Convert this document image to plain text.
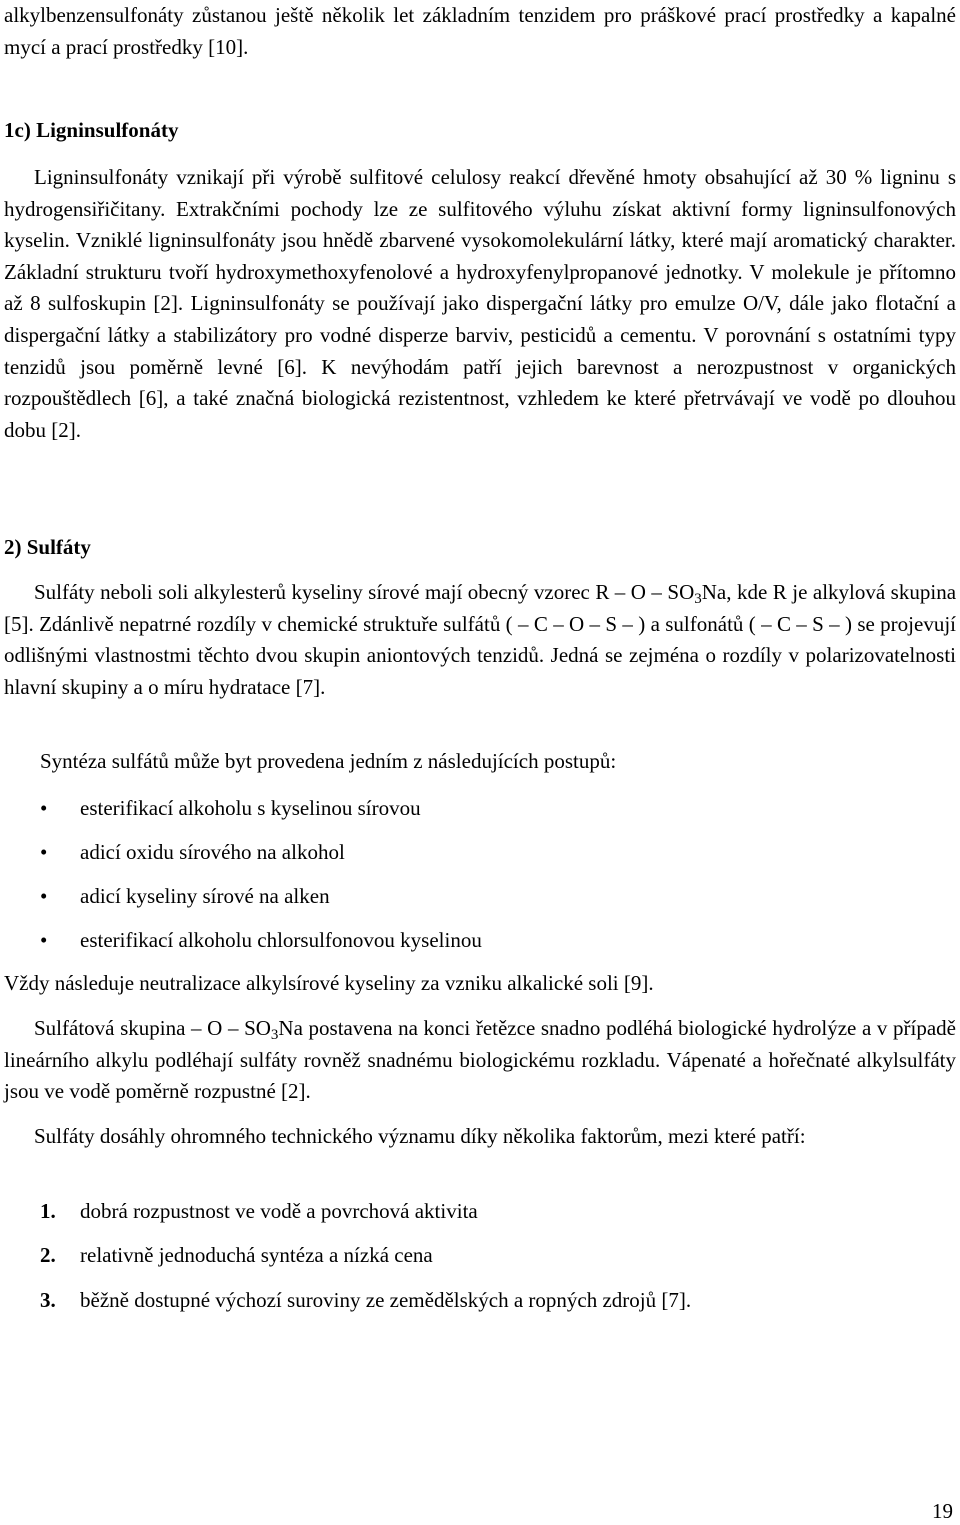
alkylbenzensulfonáty zůstanou ještě několik let základním tenzidem pro práškové prací prostředky a kapalné mycí a prací prostředky [10].

1c) Ligninsulfonáty

Ligninsulfonáty vznikají při výrobě sulfitové celulosy reakcí dřevěné hmoty obsahující až 30 % ligninu s hydrogensiřičitany. Extrakčními pochody lze ze sulfitového výluhu získat aktivní formy ligninsulfonových kyselin. Vzniklé ligninsulfonáty jsou hnědě zbarvené vysokomolekulární látky, které mají aromatický charakter. Základní strukturu tvoří hydroxymethoxyfenolové a hydroxyfenylpropanové jednotky. V molekule je přítomno až 8 sulfoskupin [2]. Ligninsulfonáty se používají jako dispergační látky pro emulze O/V, dále jako flotační a dispergační látky a stabilizátory pro vodné disperze barviv, pesticidů a cementu. V porovnání s ostatními typy tenzidů jsou poměrně levné [6]. K nevýhodám patří jejich barevnost a nerozpustnost v organických rozpouštědlech [6], a také značná biologická rezistentnost, vzhledem ke které přetrvávají ve vodě po dlouhou dobu [2].

2) Sulfáty

Sulfáty neboli soli alkylesterů kyseliny sírové mají obecný vzorec R – O – $SO_3Na$, kde R je alkylová skupina [5]. Zdánlivě nepatrné rozdíly v chemické struktuře sulfátů ( – C – O – S – ) a sulfonátů ( – C – S – ) se projevují odlišnými vlastnostmi těchto dvou skupin aniontových tenzidů. Jedná se zejména o rozdíly v polarizovatelnosti hlavní skupiny a o míru hydratace [7].

Syntéza sulfátů může byt provedena jedním z následujících postupů:

• esterifikací alkoholu s kyselinou sírovou
• adicí oxidu sírového na alkohol
• adicí kyseliny sírové na alken
• esterifikací alkoholu chlorsulfonovou kyselinou

Vždy následuje neutralizace alkylsírové kyseliny za vzniku alkalické soli [9].

Sulfátová skupina – O – $SO_3Na$ postavena na konci řetězce snadno podléhá biologické hydrolýze a v případě lineárního alkylu podléhají sulfáty rovněž snadnému biologickému rozkladu. Vápenaté a hořečnaté alkylsulfáty jsou ve vodě poměrně rozpustné [2].

Sulfáty dosáhly ohromného technického významu díky několika faktorům, mezi které patří:

1. dobrá rozpustnost ve vodě a povrchová aktivita
2. relativně jednoduchá syntéza a nízká cena
3. běžně dostupné výchozí suroviny ze zemědělských a ropných zdrojů [7].
19
